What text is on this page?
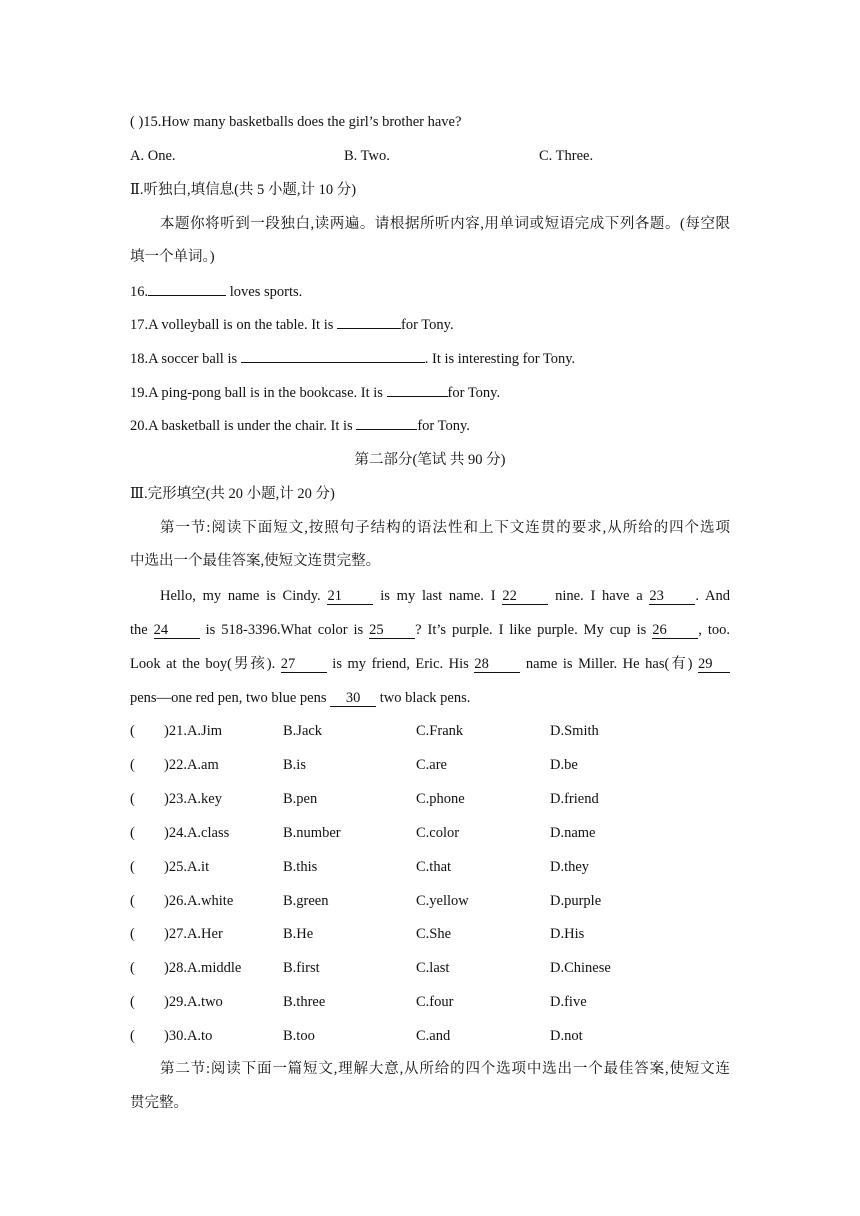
( )15.How many basketballs does the girl’s brother have?
A. One.	B. Two.	C. Three.
Ⅱ.听独白,填信息(共 5 小题,计 10 分)
本题你将听到一段独白,读两遍。请根据所听内容,用单词或短语完成下列各题。(每空限
填一个单词。)
16.	loves sports.
17.A volleyball is on the table. It is	for Tony.
18.A soccer ball is	. It is interesting for Tony.
19.A ping-pong ball is in the bookcase. It is	for Tony.
20.A basketball is under the chair. It is	for Tony.
第二部分(笔试 共 90 分)
Ⅲ.完形填空(共 20 小题,计 20 分)
第一节:阅读下面短文,按照句子结构的语法性和上下文连贯的要求,从所给的四个选项
中选出一个最佳答案,使短文连贯完整。
Hello, my name is Cindy. 21 is my last name. I 22 nine. I have a 23 . And
the 24 is 518-3396.What color is 25 ? It’s purple. I like purple. My cup is 26 , too.
Look at the boy(男孩). 27 is my friend, Eric. His 28 name is Miller. He has(有) 29
pens—one red pen, two blue pens 30 two black pens.
( )21.A.Jim	B.Jack	C.Frank	D.Smith
( )22.A.am	B.is	C.are	D.be
( )23.A.key	B.pen	C.phone	D.friend
( )24.A.class	B.number	C.color	D.name
( )25.A.it	B.this	C.that	D.they
( )26.A.white	B.green	C.yellow	D.purple
( )27.A.Her	B.He	C.She	D.His
( )28.A.middle	B.first	C.last	D.Chinese
( )29.A.two	B.three	C.four	D.five
( )30.A.to	B.too	C.and	D.not
第二节:阅读下面一篇短文,理解大意,从所给的四个选项中选出一个最佳答案,使短文连
贯完整。
